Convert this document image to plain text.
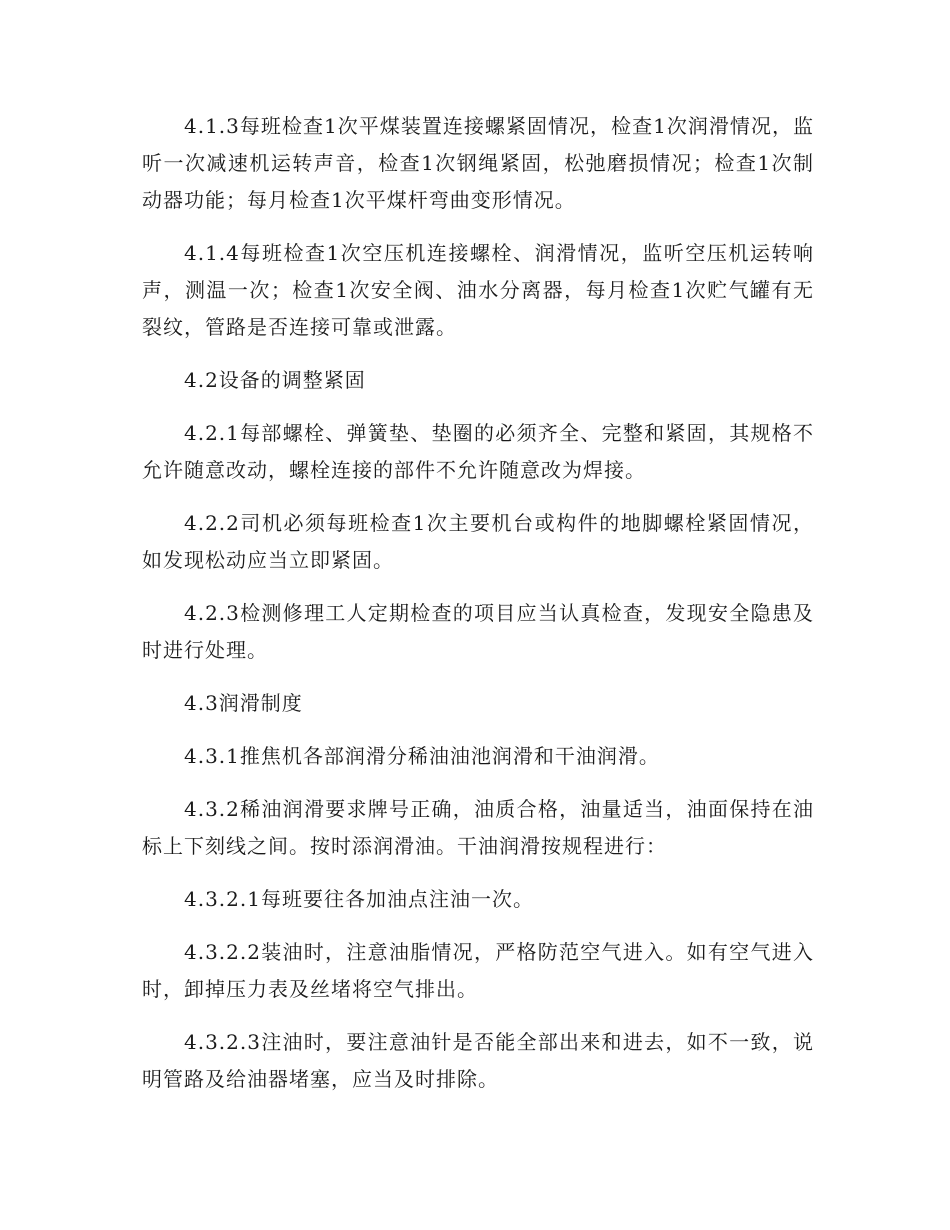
4.1.3每班检查1次平煤装置连接螺紧固情况，检查1次润滑情况，监听一次减速机运转声音，检查1次钢绳紧固，松弛磨损情况；检查1次制动器功能；每月检查1次平煤杆弯曲变形情况。

4.1.4每班检查1次空压机连接螺栓、润滑情况，监听空压机运转响声，测温一次；检查1次安全阀、油水分离器，每月检查1次贮气罐有无裂纹，管路是否连接可靠或泄露。

4.2设备的调整紧固

4.2.1每部螺栓、弹簧垫、垫圈的必须齐全、完整和紧固，其规格不允许随意改动，螺栓连接的部件不允许随意改为焊接。

4.2.2司机必须每班检查1次主要机台或构件的地脚螺栓紧固情况，如发现松动应当立即紧固。

4.2.3检测修理工人定期检查的项目应当认真检查，发现安全隐患及时进行处理。

4.3润滑制度

4.3.1推焦机各部润滑分稀油油池润滑和干油润滑。

4.3.2稀油润滑要求牌号正确，油质合格，油量适当，油面保持在油标上下刻线之间。按时添润滑油。干油润滑按规程进行：

4.3.2.1每班要往各加油点注油一次。

4.3.2.2装油时，注意油脂情况，严格防范空气进入。如有空气进入时，卸掉压力表及丝堵将空气排出。

4.3.2.3注油时，要注意油针是否能全部出来和进去，如不一致，说明管路及给油器堵塞，应当及时排除。
